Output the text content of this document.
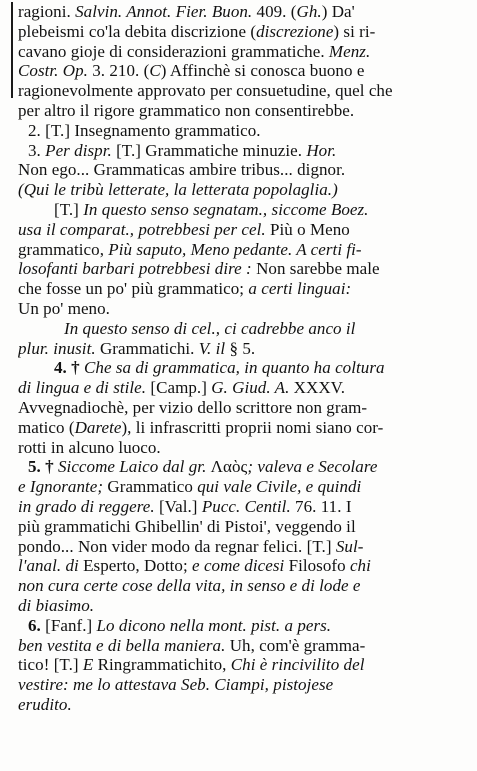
ragioni. Salvin. Annot. Fier. Buon. 409. (Gh.) Da'
plebeismi co'la debita discrizione (discrezione) si ri-
cavano gioje di considerazioni grammatiche. Menz.
Costr. Op. 3. 210. (C) Affinchè si conosca buono e
ragionevolmente approvato per consuetudine, quel che
per altro il rigore grammatico non consentirebbe.
2. [T.] Insegnamento grammatico.
3. Per dispr. [T.] Grammatiche minuzie. Hor.
Non ego... Grammaticas ambire tribus... dignor.
(Qui le tribù letterate, la letterata popolaglia.)
[T.] In questo senso segnatam., siccome Boez.
usa il comparat., potrebbesi per cel. Più o Meno
grammatico, Più saputo, Meno pedante. A certi fi-
losofanti barbari potrebbesi dire : Non sarebbe male
che fosse un po' più grammatico; a certi linguai:
Un po' meno.
In questo senso di cel., ci cadrebbe anco il
plur. inusit. Grammatichi. V. il § 5.
4. † Che sa di grammatica, in quanto ha coltura
di lingua e di stile. [Camp.] G. Giud. A. XXXV.
Avvegnadiochè, per vizio dello scrittore non gram-
matico (Darete), li infrascritti proprii nomi siano cor-
rotti in alcuno luoco.
5. † Siccome Laico dal gr. Λαὸς; valeva e Secolare
e Ignorante; Grammatico qui vale Civile, e quindi
in grado di reggere. [Val.] Pucc. Centil. 76. 11. I
più grammatichi Ghibellin' di Pistoi', veggendo il
pondo... Non vider modo da regnar felici. [T.] Sul-
l'anal. di Esperto, Dotto; e come dicesi Filosofo chi
non cura certe cose della vita, in senso e di lode e
di biasimo.
6. [Fanf.] Lo dicono nella mont. pist. a pers.
ben vestita e di bella maniera. Uh, com'è gramma-
tico! [T.] E Ringrammatichito, Chi è rincivilito del
vestire: me lo attestava Seb. Ciampi, pistojese
erudito.
